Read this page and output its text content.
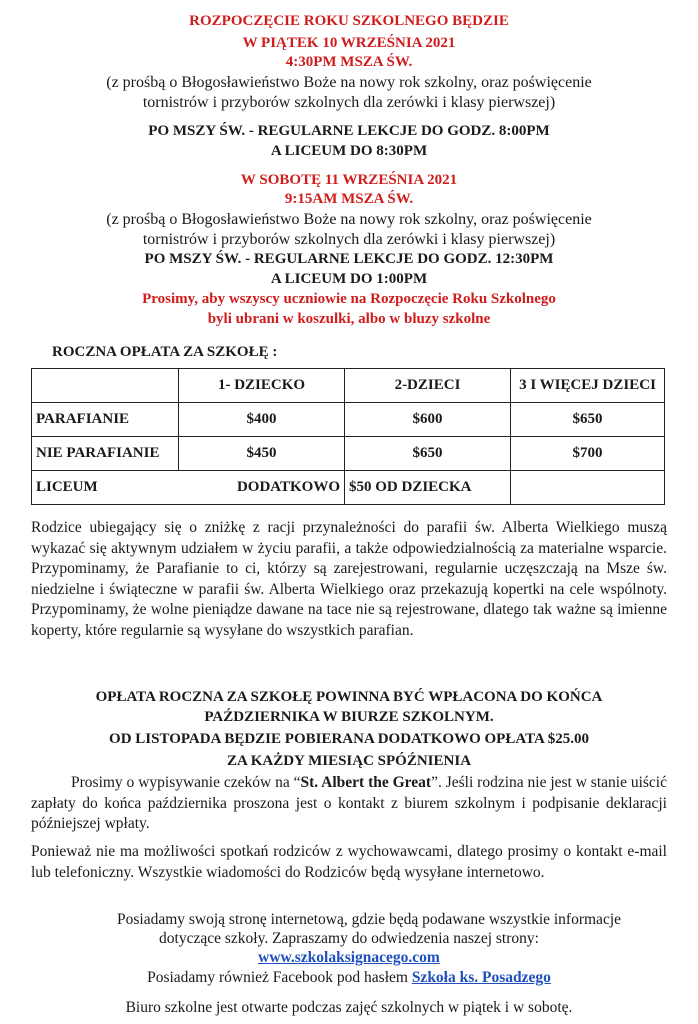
ROZPOCZĘCIE ROKU SZKOLNEGO BĘDZIE
W PIĄTEK 10 WRZEŚNIA 2021
4:30PM MSZA ŚW.
(z prośbą o Błogosławieństwo Boże na nowy rok szkolny, oraz poświęcenie
tornistrów i przyborów szkolnych dla zerówki i klasy pierwszej)
PO MSZY ŚW. - REGULARNE LEKCJE DO GODZ. 8:00PM
A LICEUM DO 8:30PM
W SOBOTĘ 11 WRZEŚNIA 2021
9:15AM MSZA ŚW.
(z prośbą o Błogosławieństwo Boże na nowy rok szkolny, oraz poświęcenie
tornistrów i przyborów szkolnych dla zerówki i klasy pierwszej)
PO MSZY ŚW. - REGULARNE LEKCJE DO GODZ. 12:30PM
A LICEUM DO 1:00PM
Prosimy, aby wszyscy uczniowie na Rozpoczęcie Roku Szkolnego
byli ubrani w koszulki, albo w bluzy szkolne
ROCZNA OPŁATA ZA SZKOŁĘ :
	1- DZIECKO	2-DZIECI	3 I WIĘCEJ DZIECI
PARAFIANIE	$400	$600	$650
NIE PARAFIANIE	$450	$650	$700
LICEUM	DODATKOWO	$50 OD DZIECKA	
Rodzice ubiegający się o zniżkę z racji przynależności do parafii św. Alberta Wielkiego muszą wykazać się aktywnym udziałem w życiu parafii, a także odpowiedzialnością za materialne wsparcie. Przypominamy, że Parafianie to ci, którzy są zarejestrowani, regularnie uczęszczają na Msze św. niedzielne i świąteczne w parafii św. Alberta Wielkiego oraz przekazują kopertki na cele wspólnoty. Przypominamy, że wolne pieniądze dawane na tace nie są rejestrowane, dlatego tak ważne są imienne koperty, które regularnie są wysyłane do wszystkich parafian.
OPŁATA ROCZNA ZA SZKOŁĘ POWINNA BYĆ WPŁACONA DO KOŃCA
PAŹDZIERNIKA W BIURZE SZKOLNYM.
OD LISTOPADA BĘDZIE POBIERANA DODATKOWO OPŁATA $25.00
ZA KAŻDY MIESIĄC SPÓŹNIENIA
Prosimy o wypisywanie czeków na “St. Albert the Great”. Jeśli rodzina nie jest w stanie uiścić zapłaty do końca października proszona jest o kontakt z biurem szkolnym i podpisanie deklaracji późniejszej wpłaty.
Ponieważ nie ma możliwości spotkań rodziców z wychowawcami, dlatego prosimy o kontakt e-mail lub telefoniczny. Wszystkie wiadomości do Rodziców będą wysyłane internetowo.
Posiadamy swoją stronę internetową, gdzie będą podawane wszystkie informacje
dotyczące szkoły. Zapraszamy do odwiedzenia naszej strony:
www.szkolaksignacego.com
Posiadamy również Facebook pod hasłem Szkoła ks. Posadzego
Biuro szkolne jest otwarte podczas zajęć szkolnych w piątek i w sobotę.
